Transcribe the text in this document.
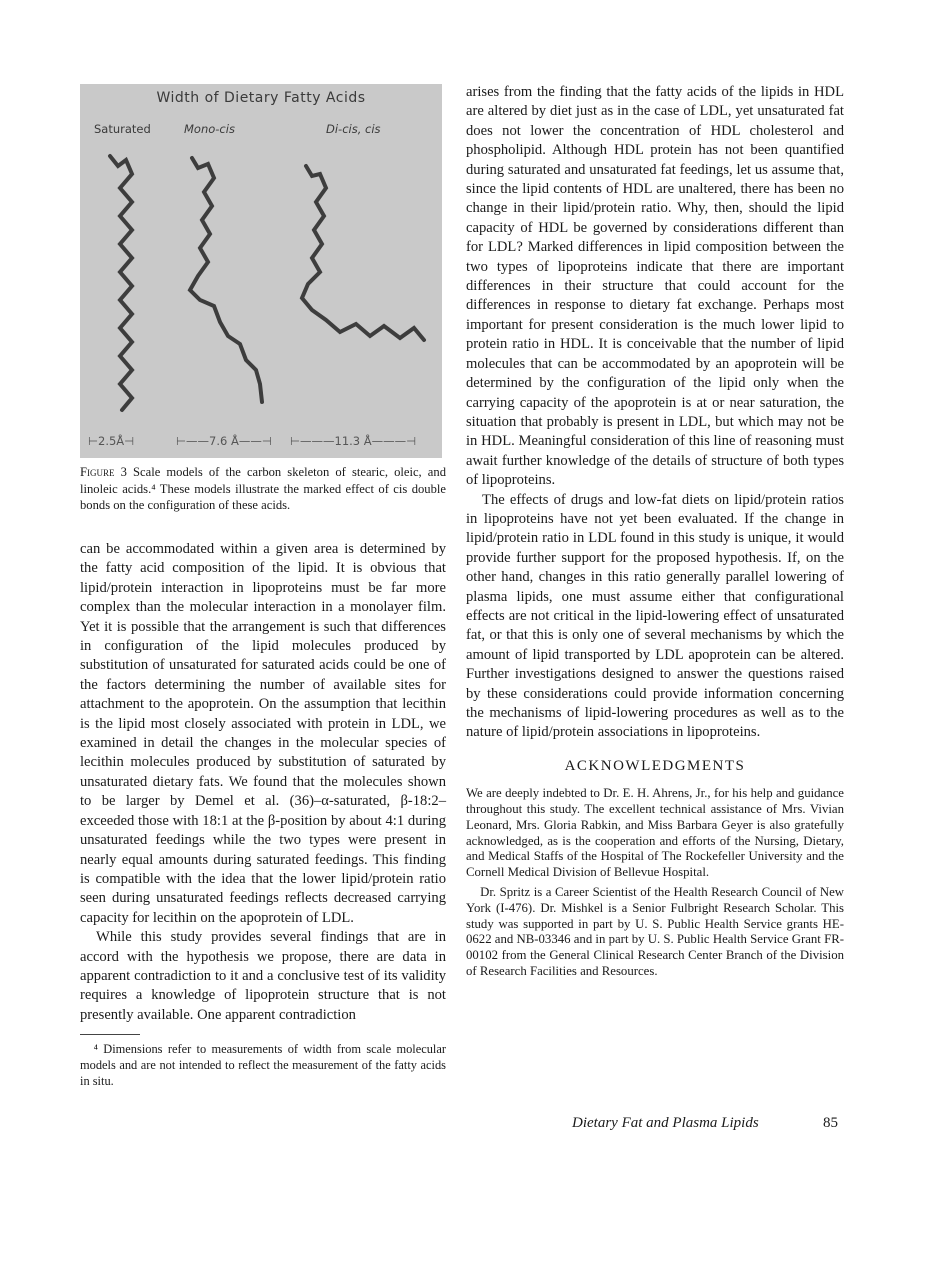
Width of Dietary Fatty Acids
Saturated	Mono-cis	Di-cis, cis
⊢2.5Å⊣	⊢——7.6 Å——⊣ ⊢———11.3 Å———⊣
Figure 3 Scale models of the carbon skeleton of stearic, oleic, and linoleic acids.⁴ These models illustrate the marked effect of cis double bonds on the configuration of these acids.

can be accommodated within a given area is determined by the fatty acid composition of the lipid. It is obvious that lipid/protein interaction in lipoproteins must be far more complex than the molecular interaction in a monolayer film. Yet it is possible that the arrangement is such that differences in configuration of the lipid molecules produced by substitution of unsaturated for saturated acids could be one of the factors determining the number of available sites for attachment to the apoprotein. On the assumption that lecithin is the lipid most closely associated with protein in LDL, we examined in detail the changes in the molecular species of lecithin molecules produced by substitution of saturated by unsaturated dietary fats. We found that the molecules shown to be larger by Demel et al. (36)–α-saturated, β-18:2–exceeded those with 18:1 at the β-position by about 4:1 during unsaturated feedings while the two types were present in nearly equal amounts during saturated feedings. This finding is compatible with the idea that the lower lipid/protein ratio seen during unsaturated feedings reflects decreased carrying capacity for lecithin on the apoprotein of LDL.

While this study provides several findings that are in accord with the hypothesis we propose, there are data in apparent contradiction to it and a conclusive test of its validity requires a knowledge of lipoprotein structure that is not presently available. One apparent contradiction

⁴ Dimensions refer to measurements of width from scale molecular models and are not intended to reflect the measurement of the fatty acids in situ.

arises from the finding that the fatty acids of the lipids in HDL are altered by diet just as in the case of LDL, yet unsaturated fat does not lower the concentration of HDL cholesterol and phospholipid. Although HDL protein has not been quantified during saturated and unsaturated fat feedings, let us assume that, since the lipid contents of HDL are unaltered, there has been no change in their lipid/protein ratio. Why, then, should the lipid capacity of HDL be governed by considerations different than for LDL? Marked differences in lipid composition between the two types of lipoproteins indicate that there are important differences in their structure that could account for the differences in response to dietary fat exchange. Perhaps most important for present consideration is the much lower lipid to protein ratio in HDL. It is conceivable that the number of lipid molecules that can be accommodated by an apoprotein will be determined by the configuration of the lipid only when the carrying capacity of the apoprotein is at or near saturation, the situation that probably is present in LDL, but which may not be in HDL. Meaningful consideration of this line of reasoning must await further knowledge of the details of structure of both types of lipoproteins.

The effects of drugs and low-fat diets on lipid/protein ratios in lipoproteins have not yet been evaluated. If the change in lipid/protein ratio in LDL found in this study is unique, it would provide further support for the proposed hypothesis. If, on the other hand, changes in this ratio generally parallel lowering of plasma lipids, one must assume either that configurational effects are not critical in the lipid-lowering effect of unsaturated fat, or that this is only one of several mechanisms by which the amount of lipid transported by LDL apoprotein can be altered. Further investigations designed to answer the questions raised by these considerations could provide information concerning the mechanisms of lipid-lowering procedures as well as to the nature of lipid/protein associations in lipoproteins.

ACKNOWLEDGMENTS

We are deeply indebted to Dr. E. H. Ahrens, Jr., for his help and guidance throughout this study. The excellent technical assistance of Mrs. Vivian Leonard, Mrs. Gloria Rabkin, and Miss Barbara Geyer is also gratefully acknowledged, as is the cooperation and efforts of the Nursing, Dietary, and Medical Staffs of the Hospital of The Rockefeller University and the Cornell Medical Division of Bellevue Hospital.

Dr. Spritz is a Career Scientist of the Health Research Council of New York (I-476). Dr. Mishkel is a Senior Fulbright Research Scholar. This study was supported in part by U. S. Public Health Service grants HE-0622 and NB-03346 and in part by U. S. Public Health Service Grant FR-00102 from the General Clinical Research Center Branch of the Division of Research Facilities and Resources.

Dietary Fat and Plasma Lipids	85
